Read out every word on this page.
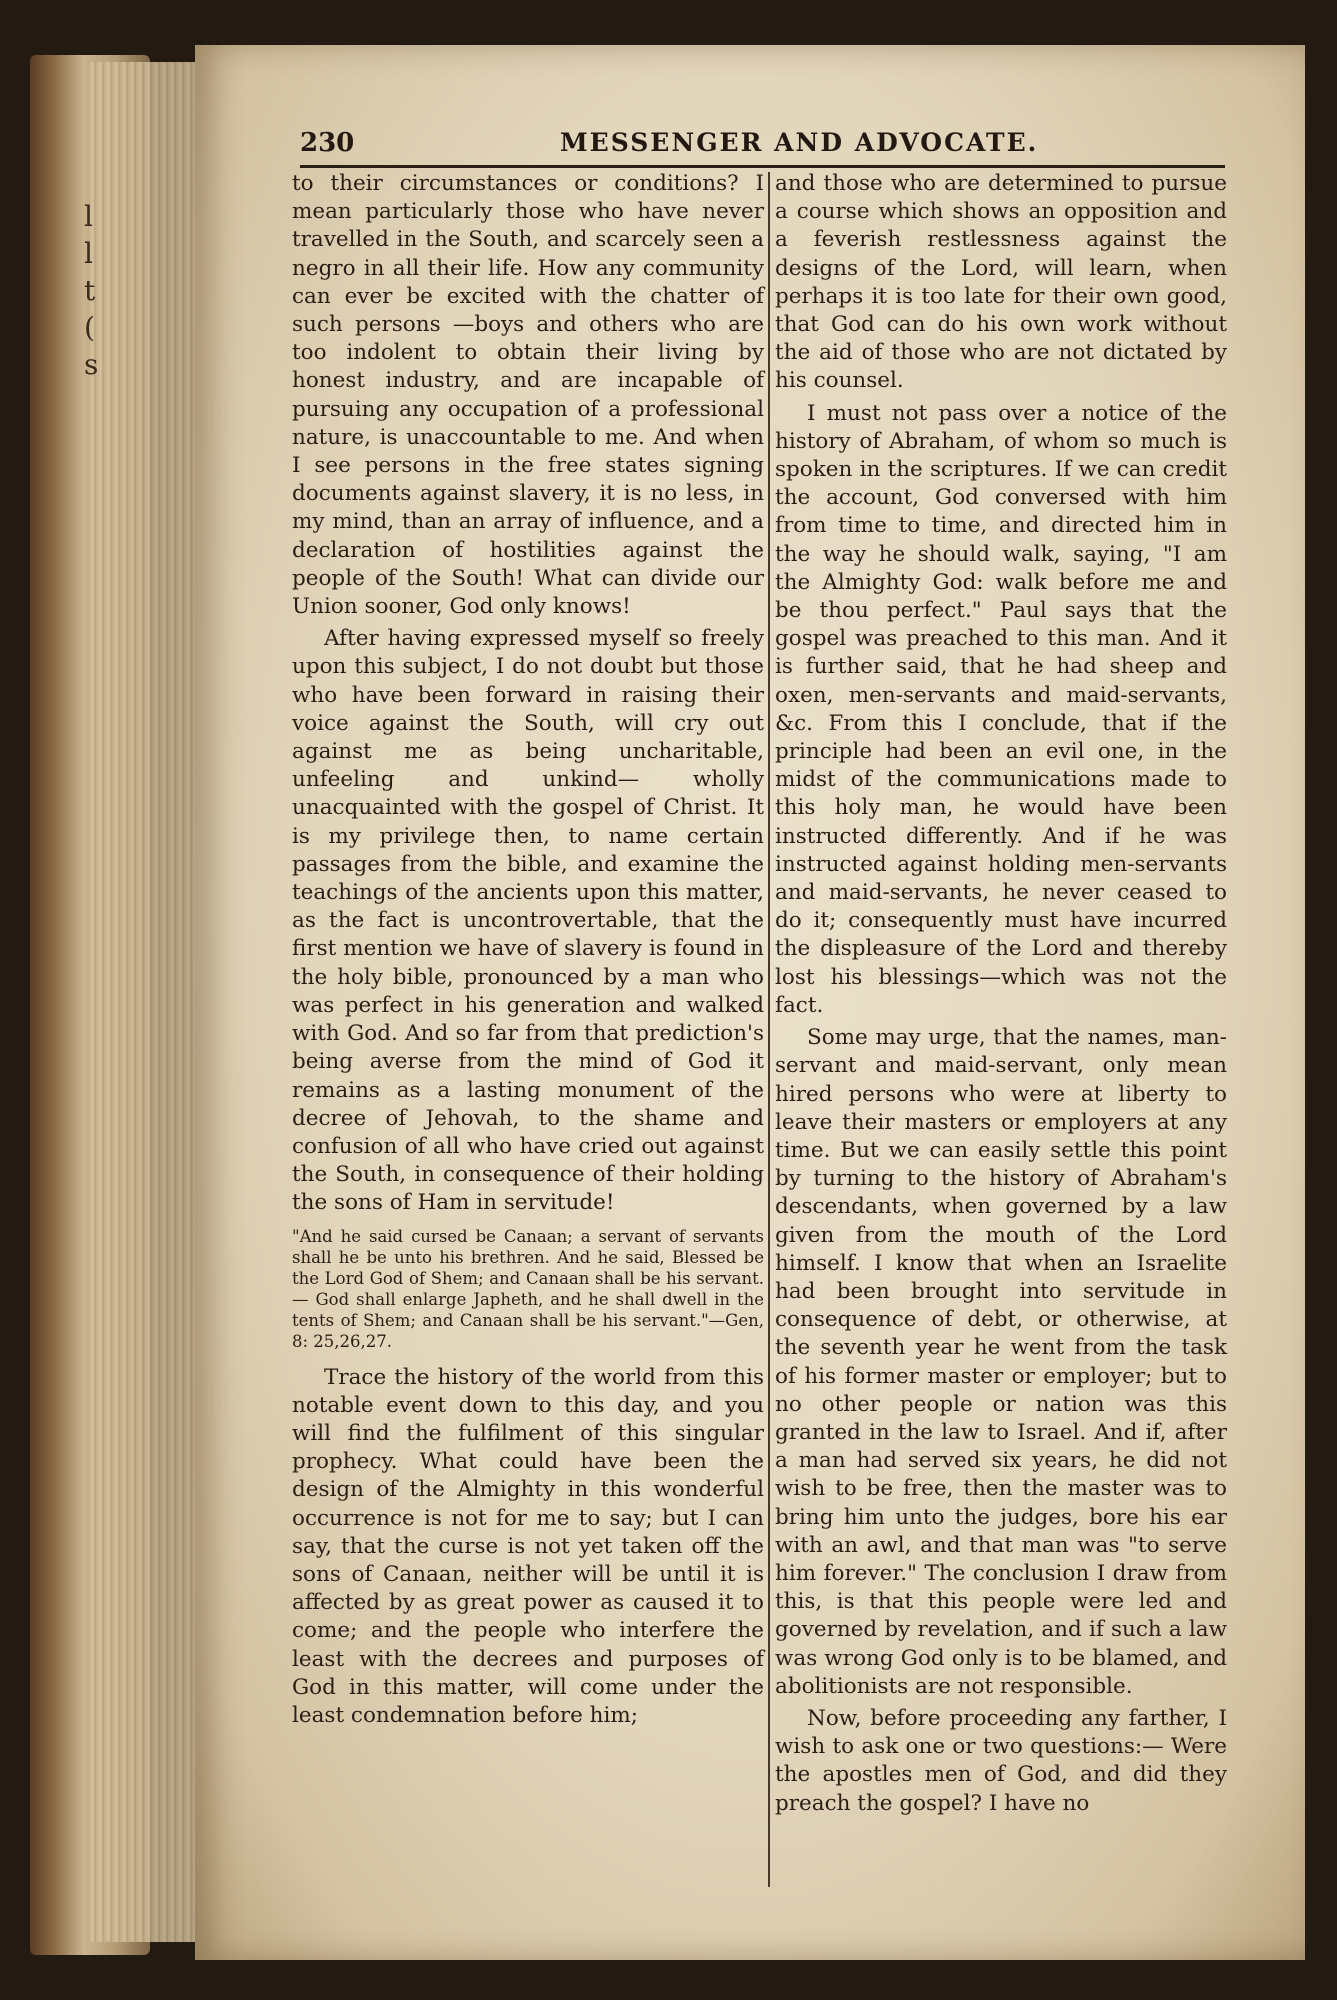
l
l
t
(
s
230	MESSENGER AND ADVOCATE.

to their circumstances or conditions? I mean particularly those who have never travelled in the South, and scarcely seen a negro in all their life. How any community can ever be excited with the chatter of such persons —boys and others who are too indolent to obtain their living by honest industry, and are incapable of pursuing any occupation of a professional nature, is unaccountable to me. And when I see persons in the free states signing documents against slavery, it is no less, in my mind, than an array of influence, and a declaration of hostilities against the people of the South! What can divide our Union sooner, God only knows!

After having expressed myself so freely upon this subject, I do not doubt but those who have been forward in raising their voice against the South, will cry out against me as being uncharitable, unfeeling and unkind— wholly unacquainted with the gospel of Christ. It is my privilege then, to name certain passages from the bible, and examine the teachings of the ancients upon this matter, as the fact is uncontrovertable, that the first mention we have of slavery is found in the holy bible, pronounced by a man who was perfect in his generation and walked with God. And so far from that prediction's being averse from the mind of God it remains as a lasting monument of the decree of Jehovah, to the shame and confusion of all who have cried out against the South, in consequence of their holding the sons of Ham in servitude!

"And he said cursed be Canaan; a servant of servants shall he be unto his brethren. And he said, Blessed be the Lord God of Shem; and Canaan shall be his servant.— God shall enlarge Japheth, and he shall dwell in the tents of Shem; and Canaan shall be his servant."—Gen, 8: 25,26,27.

Trace the history of the world from this notable event down to this day, and you will find the fulfilment of this singular prophecy. What could have been the design of the Almighty in this wonderful occurrence is not for me to say; but I can say, that the curse is not yet taken off the sons of Canaan, neither will be until it is affected by as great power as caused it to come; and the people who interfere the least with the decrees and purposes of God in this matter, will come under the least condemnation before him;

and those who are determined to pursue a course which shows an opposition and a feverish restlessness against the designs of the Lord, will learn, when perhaps it is too late for their own good, that God can do his own work without the aid of those who are not dictated by his counsel.

I must not pass over a notice of the history of Abraham, of whom so much is spoken in the scriptures. If we can credit the account, God conversed with him from time to time, and directed him in the way he should walk, saying, "I am the Almighty God: walk before me and be thou perfect." Paul says that the gospel was preached to this man. And it is further said, that he had sheep and oxen, men-servants and maid-servants, &c. From this I conclude, that if the principle had been an evil one, in the midst of the communications made to this holy man, he would have been instructed differently. And if he was instructed against holding men-servants and maid-servants, he never ceased to do it; consequently must have incurred the displeasure of the Lord and thereby lost his blessings—which was not the fact.

Some may urge, that the names, man-servant and maid-servant, only mean hired persons who were at liberty to leave their masters or employers at any time. But we can easily settle this point by turning to the history of Abraham's descendants, when governed by a law given from the mouth of the Lord himself. I know that when an Israelite had been brought into servitude in consequence of debt, or otherwise, at the seventh year he went from the task of his former master or employer; but to no other people or nation was this granted in the law to Israel. And if, after a man had served six years, he did not wish to be free, then the master was to bring him unto the judges, bore his ear with an awl, and that man was "to serve him forever." The conclusion I draw from this, is that this people were led and governed by revelation, and if such a law was wrong God only is to be blamed, and abolitionists are not responsible.

Now, before proceeding any farther, I wish to ask one or two questions:— Were the apostles men of God, and did they preach the gospel? I have no
